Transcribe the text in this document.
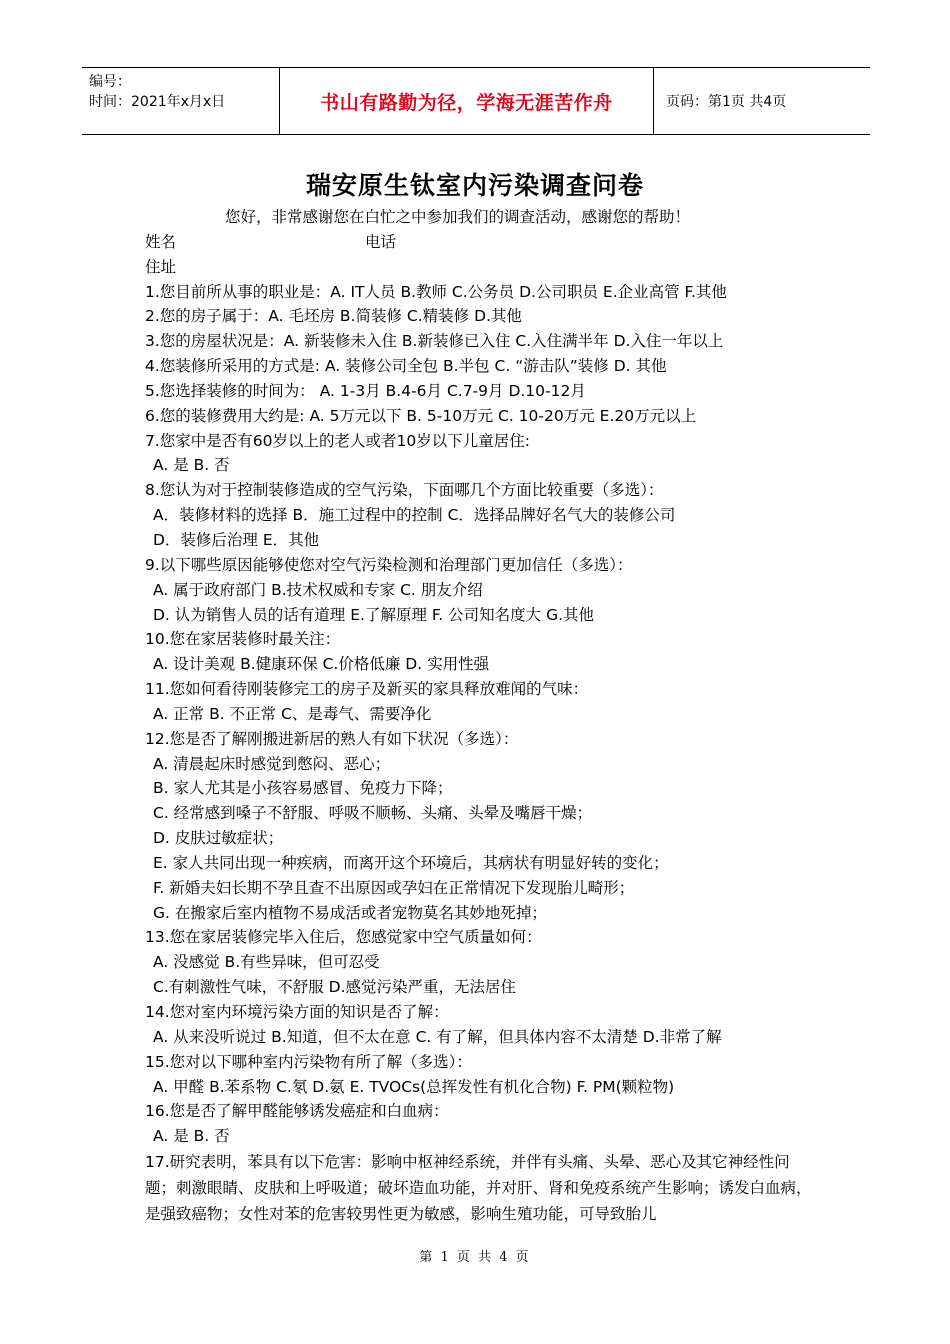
编号：
时间：2021年x月x日	书山有路勤为径，学海无涯苦作舟	页码：第1页 共4页
瑞安原生钛室内污染调查问卷
您好，非常感谢您在白忙之中参加我们的调查活动，感谢您的帮助！
姓名	电话
住址
1.您目前所从事的职业是：A. IT人员 B.教师 C.公务员 D.公司职员 E.企业高管 F.其他
2.您的房子属于：A. 毛坯房 B.简装修 C.精装修 D.其他
3.您的房屋状况是：A. 新装修未入住 B.新装修已入住 C.入住满半年 D.入住一年以上
4.您装修所采用的方式是: A. 装修公司全包 B.半包 C. “游击队”装修 D. 其他
5.您选择装修的时间为： A. 1-3月 B.4-6月 C.7-9月 D.10-12月
6.您的装修费用大约是: A. 5万元以下 B. 5-10万元 C. 10-20万元 E.20万元以上
7.您家中是否有60岁以上的老人或者10岁以下儿童居住:
A. 是 B. 否
8.您认为对于控制装修造成的空气污染，下面哪几个方面比较重要（多选）：
A．装修材料的选择 B．施工过程中的控制 C．选择品牌好名气大的装修公司
D．装修后治理 E．其他
9.以下哪些原因能够使您对空气污染检测和治理部门更加信任（多选）：
A. 属于政府部门 B.技术权威和专家 C. 朋友介绍
D. 认为销售人员的话有道理 E.了解原理 F. 公司知名度大 G.其他
10.您在家居装修时最关注：
A. 设计美观 B.健康环保 C.价格低廉 D. 实用性强
11.您如何看待刚装修完工的房子及新买的家具释放难闻的气味：
A. 正常 B. 不正常 C、是毒气、需要净化
12.您是否了解刚搬进新居的熟人有如下状况（多选）：
A. 清晨起床时感觉到憋闷、恶心；
B. 家人尤其是小孩容易感冒、免疫力下降；
C. 经常感到嗓子不舒服、呼吸不顺畅、头痛、头晕及嘴唇干燥；
D. 皮肤过敏症状；
E. 家人共同出现一种疾病，而离开这个环境后，其病状有明显好转的变化；
F. 新婚夫妇长期不孕且查不出原因或孕妇在正常情况下发现胎儿畸形；
G. 在搬家后室内植物不易成活或者宠物莫名其妙地死掉；
13.您在家居装修完毕入住后，您感觉家中空气质量如何：
A. 没感觉 B.有些异味，但可忍受
C.有刺激性气味，不舒服 D.感觉污染严重，无法居住
14.您对室内环境污染方面的知识是否了解：
A. 从来没听说过 B.知道，但不太在意 C. 有了解，但具体内容不太清楚 D.非常了解
15.您对以下哪种室内污染物有所了解（多选）：
A. 甲醛 B.苯系物 C.氡 D.氨 E. TVOCs(总挥发性有机化合物) F. PM(颗粒物)
16.您是否了解甲醛能够诱发癌症和白血病：
A. 是 B. 否
17.研究表明，苯具有以下危害：影响中枢神经系统，并伴有头痛、头晕、恶心及其它神经性问题；刺激眼睛、皮肤和上呼吸道；破坏造血功能，并对肝、肾和免疫系统产生影响；诱发白血病，是强致癌物；女性对苯的危害较男性更为敏感，影响生殖功能，可导致胎儿
第 1 页 共 4 页
